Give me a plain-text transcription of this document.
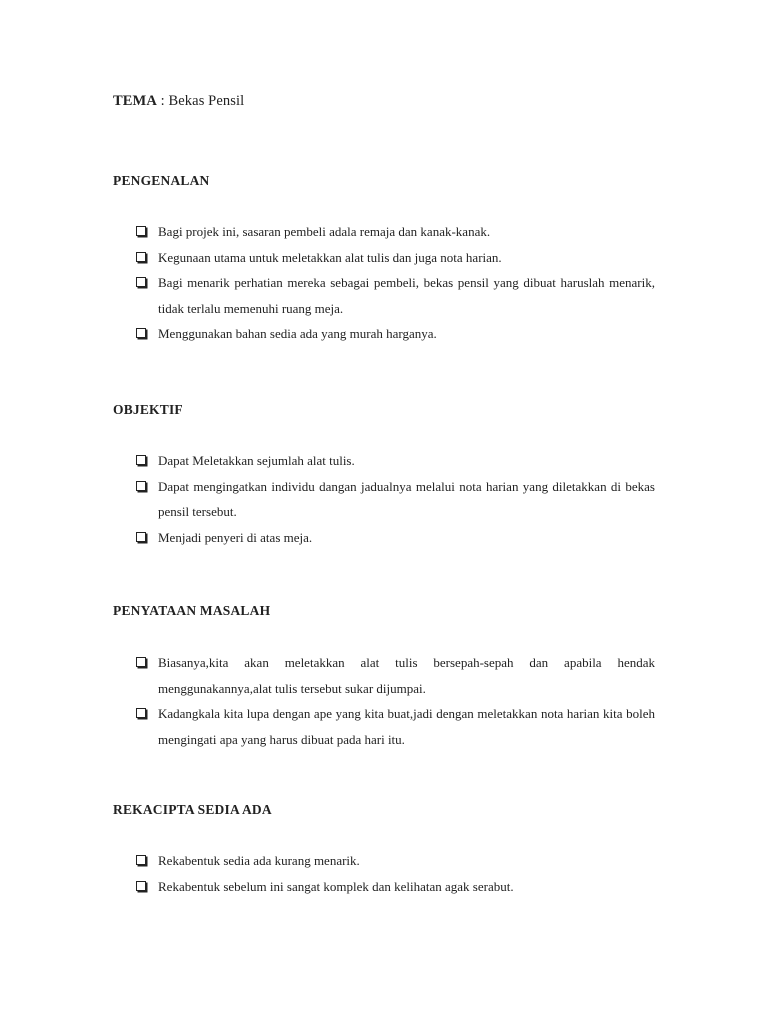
TEMA : Bekas Pensil
PENGENALAN
Bagi projek ini, sasaran pembeli adala remaja dan kanak-kanak.
Kegunaan utama untuk meletakkan alat tulis dan juga nota harian.
Bagi menarik perhatian mereka sebagai pembeli, bekas pensil yang dibuat haruslah menarik, tidak terlalu memenuhi ruang meja.
Menggunakan bahan sedia ada yang murah harganya.
OBJEKTIF
Dapat Meletakkan sejumlah alat tulis.
Dapat mengingatkan individu dangan jadualnya melalui nota harian yang diletakkan di bekas pensil tersebut.
Menjadi penyeri di atas meja.
PENYATAAN MASALAH
Biasanya,kita akan meletakkan alat tulis bersepah-sepah dan apabila hendak menggunakannya,alat tulis tersebut sukar dijumpai.
Kadangkala kita lupa dengan ape yang kita buat,jadi dengan meletakkan nota harian kita boleh mengingati apa yang harus dibuat pada hari itu.
REKACIPTA SEDIA ADA
Rekabentuk sedia ada kurang menarik.
Rekabentuk sebelum ini sangat komplek dan kelihatan agak serabut.
